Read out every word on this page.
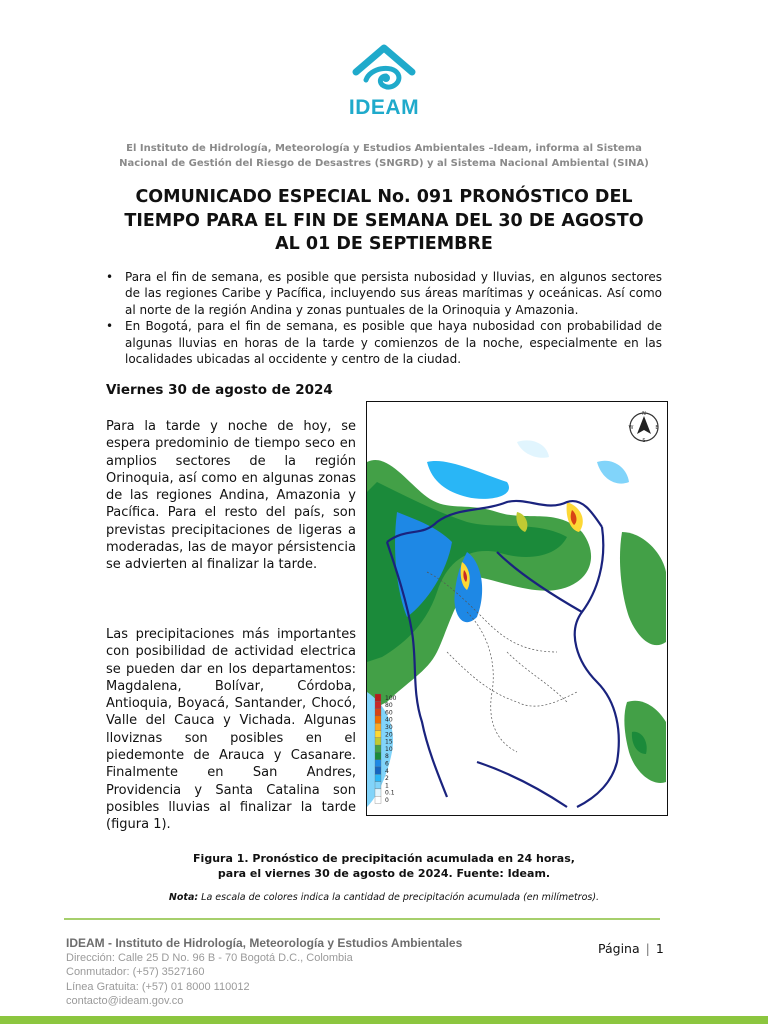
IDEAM
El Instituto de Hidrología, Meteorología y Estudios Ambientales –Ideam, informa al Sistema
Nacional de Gestión del Riesgo de Desastres (SNGRD) y al Sistema Nacional Ambiental (SINA)
COMUNICADO ESPECIAL No. 091 PRONÓSTICO DEL
TIEMPO PARA EL FIN DE SEMANA DEL 30 DE AGOSTO
AL 01 DE SEPTIEMBRE
• Para el fin de semana, es posible que persista nubosidad y lluvias, en algunos sectores de las regiones Caribe y Pacífica, incluyendo sus áreas marítimas y oceánicas. Así como al norte de la región Andina y zonas puntuales de la Orinoquia y Amazonia.
• En Bogotá, para el fin de semana, es posible que haya nubosidad con probabilidad de algunas lluvias en horas de la tarde y comienzos de la noche, especialmente en las localidades ubicadas al occidente y centro de la ciudad.
Viernes 30 de agosto de 2024

Para la tarde y noche de hoy, se espera predominio de tiempo seco en amplios sectores de la región Orinoquia, así como en algunas zonas de las regiones Andina, Amazonia y Pacífica. Para el resto del país, son previstas precipitaciones de ligeras a moderadas, las de mayor pérsistencia se advierten al finalizar la tarde.

Las precipitaciones más importantes con posibilidad de actividad electrica se pueden dar en los departamentos: Magdalena, Bolívar, Córdoba, Antioquia, Boyacá, Santander, Chocó, Valle del Cauca y Vichada. Algunas lloviznas son posibles en el piedemonte de Arauca y Casanare. Finalmente en San Andres, Providencia y Santa Catalina son posibles lluvias al finalizar la tarde (figura 1).

N
E
S
W
100
80
60
40
30
20
15
10
8
6
4
2
1
0.1
0
Figura 1. Pronóstico de precipitación acumulada en 24 horas,
para el viernes 30 de agosto de 2024. Fuente: Ideam.
Nota: La escala de colores indica la cantidad de precipitación acumulada (en milímetros).
IDEAM - Instituto de Hidrología, Meteorología y Estudios Ambientales
Dirección: Calle 25 D No. 96 B - 70 Bogotá D.C., Colombia
Conmutador: (+57) 3527160
Línea Gratuita: (+57) 01 8000 110012
contacto@ideam.gov.co
Página | 1
